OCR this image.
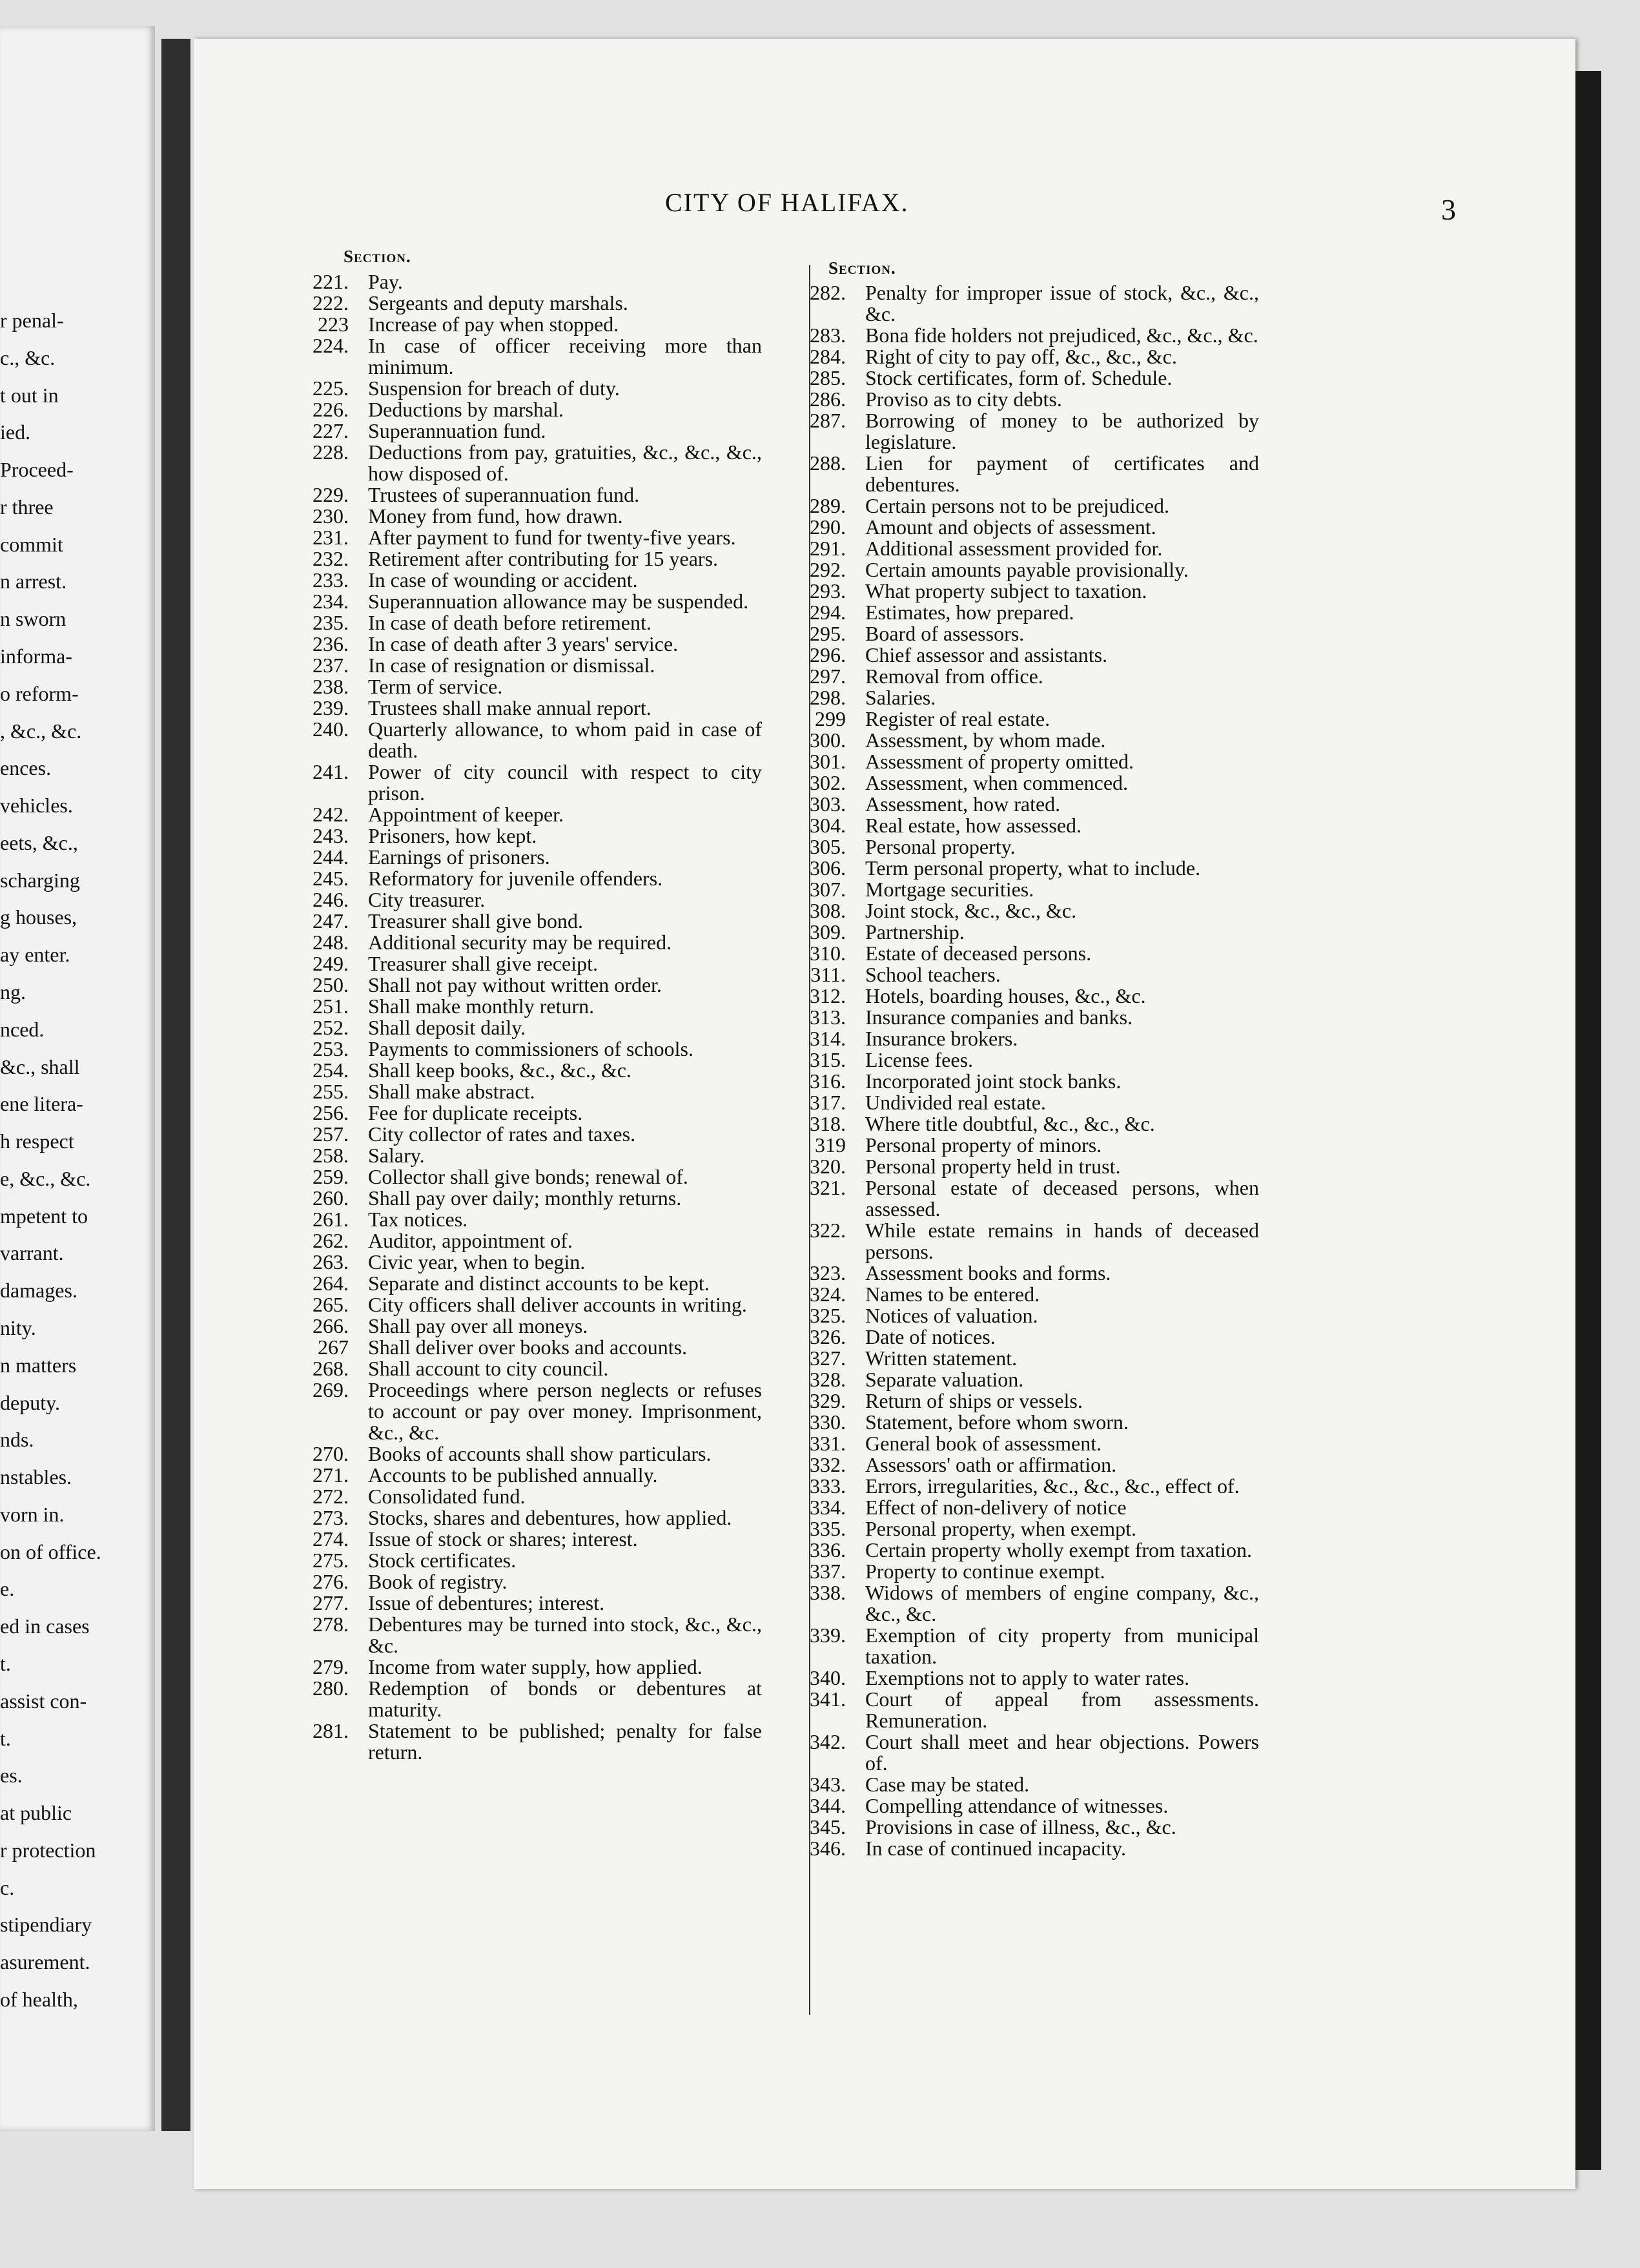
r penal-
c., &c.
t out in
ied.
Proceed-
r three
commit
n arrest.
n sworn
informa-
o reform-
, &c., &c.
ences.
vehicles.
eets, &c.,
scharging
g houses,
ay enter.
ng.
nced.
&c., shall
ene litera-
h respect
e, &c., &c.
mpetent to
varrant.
damages.
nity.
n matters
deputy.
nds.
nstables.
vorn in.
on of office.
e.
ed in cases
t.
assist con-
t.
es.
at public
r protection
c.
stipendiary
asurement.
of health,
CITY OF HALIFAX.	3
Section.
Section.
221. Pay.
222. Sergeants and deputy marshals.
223 Increase of pay when stopped.
224. In case of officer receiving more than minimum.
225. Suspension for breach of duty.
226. Deductions by marshal.
227. Superannuation fund.
228. Deductions from pay, gratuities, &c., &c., &c., how disposed of.
229. Trustees of superannuation fund.
230. Money from fund, how drawn.
231. After payment to fund for twenty-five years.
232. Retirement after contributing for 15 years.
233. In case of wounding or accident.
234. Superannuation allowance may be suspended.
235. In case of death before retirement.
236. In case of death after 3 years' service.
237. In case of resignation or dismissal.
238. Term of service.
239. Trustees shall make annual report.
240. Quarterly allowance, to whom paid in case of death.
241. Power of city council with respect to city prison.
242. Appointment of keeper.
243. Prisoners, how kept.
244. Earnings of prisoners.
245. Reformatory for juvenile offenders.
246. City treasurer.
247. Treasurer shall give bond.
248. Additional security may be required.
249. Treasurer shall give receipt.
250. Shall not pay without written order.
251. Shall make monthly return.
252. Shall deposit daily.
253. Payments to commissioners of schools.
254. Shall keep books, &c., &c., &c.
255. Shall make abstract.
256. Fee for duplicate receipts.
257. City collector of rates and taxes.
258. Salary.
259. Collector shall give bonds; renewal of.
260. Shall pay over daily; monthly returns.
261. Tax notices.
262. Auditor, appointment of.
263. Civic year, when to begin.
264. Separate and distinct accounts to be kept.
265. City officers shall deliver accounts in writing.
266. Shall pay over all moneys.
267 Shall deliver over books and accounts.
268. Shall account to city council.
269. Proceedings where person neglects or refuses to account or pay over money. Imprisonment, &c., &c.
270. Books of accounts shall show particulars.
271. Accounts to be published annually.
272. Consolidated fund.
273. Stocks, shares and debentures, how applied.
274. Issue of stock or shares; interest.
275. Stock certificates.
276. Book of registry.
277. Issue of debentures; interest.
278. Debentures may be turned into stock, &c., &c., &c.
279. Income from water supply, how applied.
280. Redemption of bonds or debentures at maturity.
281. Statement to be published; penalty for false return.
282. Penalty for improper issue of stock, &c., &c., &c.
283. Bona fide holders not prejudiced, &c., &c., &c.
284. Right of city to pay off, &c., &c., &c.
285. Stock certificates, form of. Schedule.
286. Proviso as to city debts.
287. Borrowing of money to be authorized by legislature.
288. Lien for payment of certificates and debentures.
289. Certain persons not to be prejudiced.
290. Amount and objects of assessment.
291. Additional assessment provided for.
292. Certain amounts payable provisionally.
293. What property subject to taxation.
294. Estimates, how prepared.
295. Board of assessors.
296. Chief assessor and assistants.
297. Removal from office.
298. Salaries.
299 Register of real estate.
300. Assessment, by whom made.
301. Assessment of property omitted.
302. Assessment, when commenced.
303. Assessment, how rated.
304. Real estate, how assessed.
305. Personal property.
306. Term personal property, what to include.
307. Mortgage securities.
308. Joint stock, &c., &c., &c.
309. Partnership.
310. Estate of deceased persons.
311. School teachers.
312. Hotels, boarding houses, &c., &c.
313. Insurance companies and banks.
314. Insurance brokers.
315. License fees.
316. Incorporated joint stock banks.
317. Undivided real estate.
318. Where title doubtful, &c., &c., &c.
319 Personal property of minors.
320. Personal property held in trust.
321. Personal estate of deceased persons, when assessed.
322. While estate remains in hands of deceased persons.
323. Assessment books and forms.
324. Names to be entered.
325. Notices of valuation.
326. Date of notices.
327. Written statement.
328. Separate valuation.
329. Return of ships or vessels.
330. Statement, before whom sworn.
331. General book of assessment.
332. Assessors' oath or affirmation.
333. Errors, irregularities, &c., &c., &c., effect of.
334. Effect of non-delivery of notice
335. Personal property, when exempt.
336. Certain property wholly exempt from taxation.
337. Property to continue exempt.
338. Widows of members of engine company, &c., &c., &c.
339. Exemption of city property from municipal taxation.
340. Exemptions not to apply to water rates.
341. Court of appeal from assessments. Remuneration.
342. Court shall meet and hear objections. Powers of.
343. Case may be stated.
344. Compelling attendance of witnesses.
345. Provisions in case of illness, &c., &c.
346. In case of continued incapacity.
